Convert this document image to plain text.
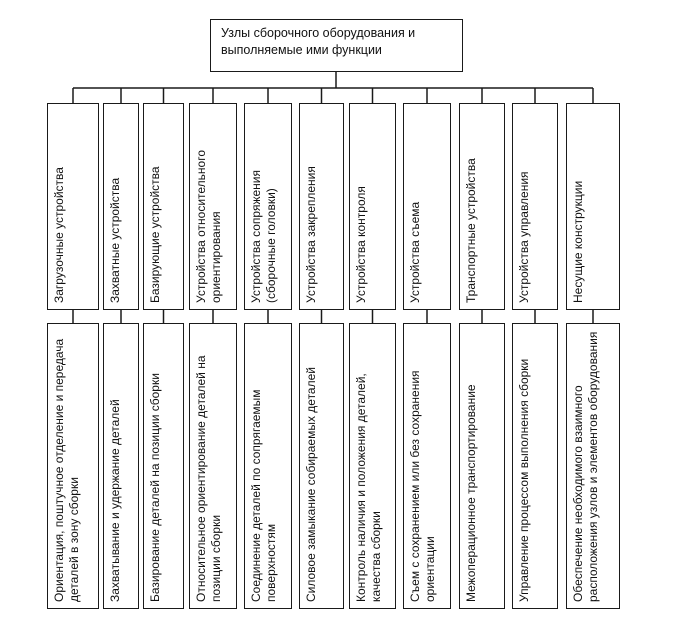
Узлы сборочного оборудования и выполняемые ими функции
Загрузочные устройства
Ориентация, поштучное отделение и передача деталей в зону сборки
Захватные устройства
Захватывание и удержание деталей
Базирующие устройства
Базирование деталей на позиции сборки
Устройства относительного ориентирования
Относительное ориентирование деталей на позиции сборки
Устройства сопряжения (сборочные головки)
Соединение деталей по сопрягаемым поверхностям
Устройства закрепления
Силовое замыкание собираемых деталей
Устройства контроля
Контроль наличия и положения деталей, качества сборки
Устройства съема
Съем с сохранением или без сохранения ориентации
Транспортные устройства
Межоперационное транспортирование
Устройства управления
Управление процессом выполнения сборки
Несущие конструкции
Обеспечение необходимого взаимного расположения узлов и элементов оборудования
